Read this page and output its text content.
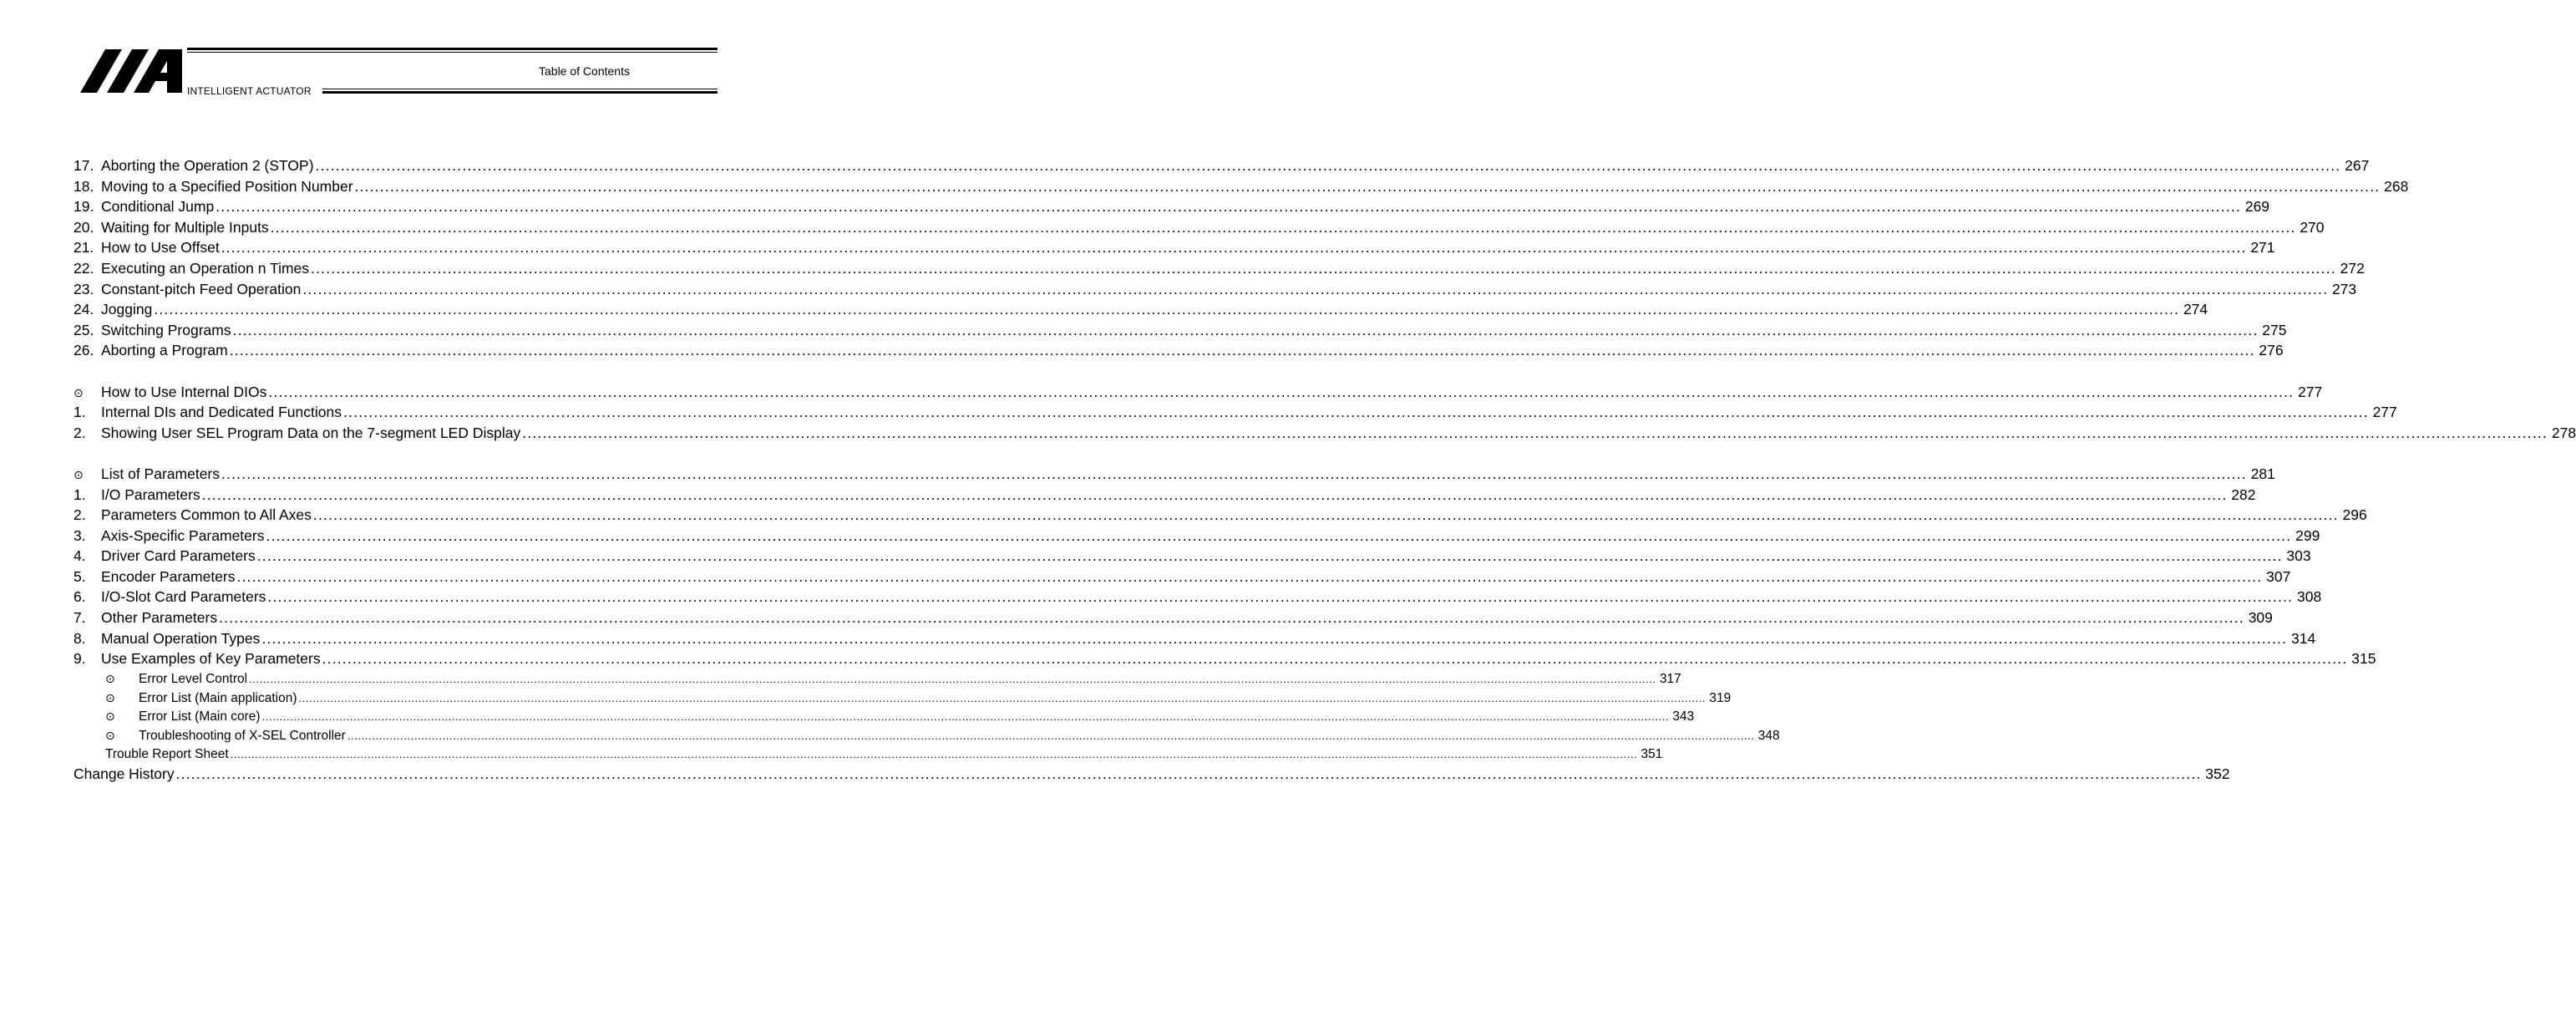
INTELLIGENT ACTUATOR
Table of Contents
17. Aborting the Operation 2 (STOP) ................................................................................................................................................................................................................................................................................................................................................................................................................ 267
18. Moving to a Specified Position Number ................................................................................................................................................................................................................................................................................................................................................................................................................ 268
19. Conditional Jump ................................................................................................................................................................................................................................................................................................................................................................................................................ 269
20. Waiting for Multiple Inputs ................................................................................................................................................................................................................................................................................................................................................................................................................ 270
21. How to Use Offset ................................................................................................................................................................................................................................................................................................................................................................................................................ 271
22. Executing an Operation n Times ................................................................................................................................................................................................................................................................................................................................................................................................................ 272
23. Constant-pitch Feed Operation ................................................................................................................................................................................................................................................................................................................................................................................................................ 273
24. Jogging ................................................................................................................................................................................................................................................................................................................................................................................................................ 274
25. Switching Programs ................................................................................................................................................................................................................................................................................................................................................................................................................ 275
26. Aborting a Program ................................................................................................................................................................................................................................................................................................................................................................................................................ 276
⊙	How to Use Internal DIOs ................................................................................................................................................................................................................................................................................................................................................................................................................ 277
1.	Internal DIs and Dedicated Functions ................................................................................................................................................................................................................................................................................................................................................................................................................ 277
2.	Showing User SEL Program Data on the 7-segment LED Display ................................................................................................................................................................................................................................................................................................................................................................................................................ 278
⊙	List of Parameters ................................................................................................................................................................................................................................................................................................................................................................................................................ 281
1.	I/O Parameters ................................................................................................................................................................................................................................................................................................................................................................................................................ 282
2.	Parameters Common to All Axes ................................................................................................................................................................................................................................................................................................................................................................................................................ 296
3.	Axis-Specific Parameters ................................................................................................................................................................................................................................................................................................................................................................................................................ 299
4.	Driver Card Parameters ................................................................................................................................................................................................................................................................................................................................................................................................................ 303
5.	Encoder Parameters ................................................................................................................................................................................................................................................................................................................................................................................................................ 307
6.	I/O-Slot Card Parameters ................................................................................................................................................................................................................................................................................................................................................................................................................ 308
7.	Other Parameters ................................................................................................................................................................................................................................................................................................................................................................................................................ 309
8.	Manual Operation Types ................................................................................................................................................................................................................................................................................................................................................................................................................ 314
9.	Use Examples of Key Parameters ................................................................................................................................................................................................................................................................................................................................................................................................................ 315
⊙	Error Level Control ................................................................................................................................................................................................................................................................................................................................................................................................................ 317
⊙	Error List (Main application) ................................................................................................................................................................................................................................................................................................................................................................................................................ 319
⊙	Error List (Main core) ................................................................................................................................................................................................................................................................................................................................................................................................................ 343
⊙	Troubleshooting of X-SEL Controller ................................................................................................................................................................................................................................................................................................................................................................................................................ 348
Trouble Report Sheet ................................................................................................................................................................................................................................................................................................................................................................................................................ 351
Change History ................................................................................................................................................................................................................................................................................................................................................................................................................ 352
